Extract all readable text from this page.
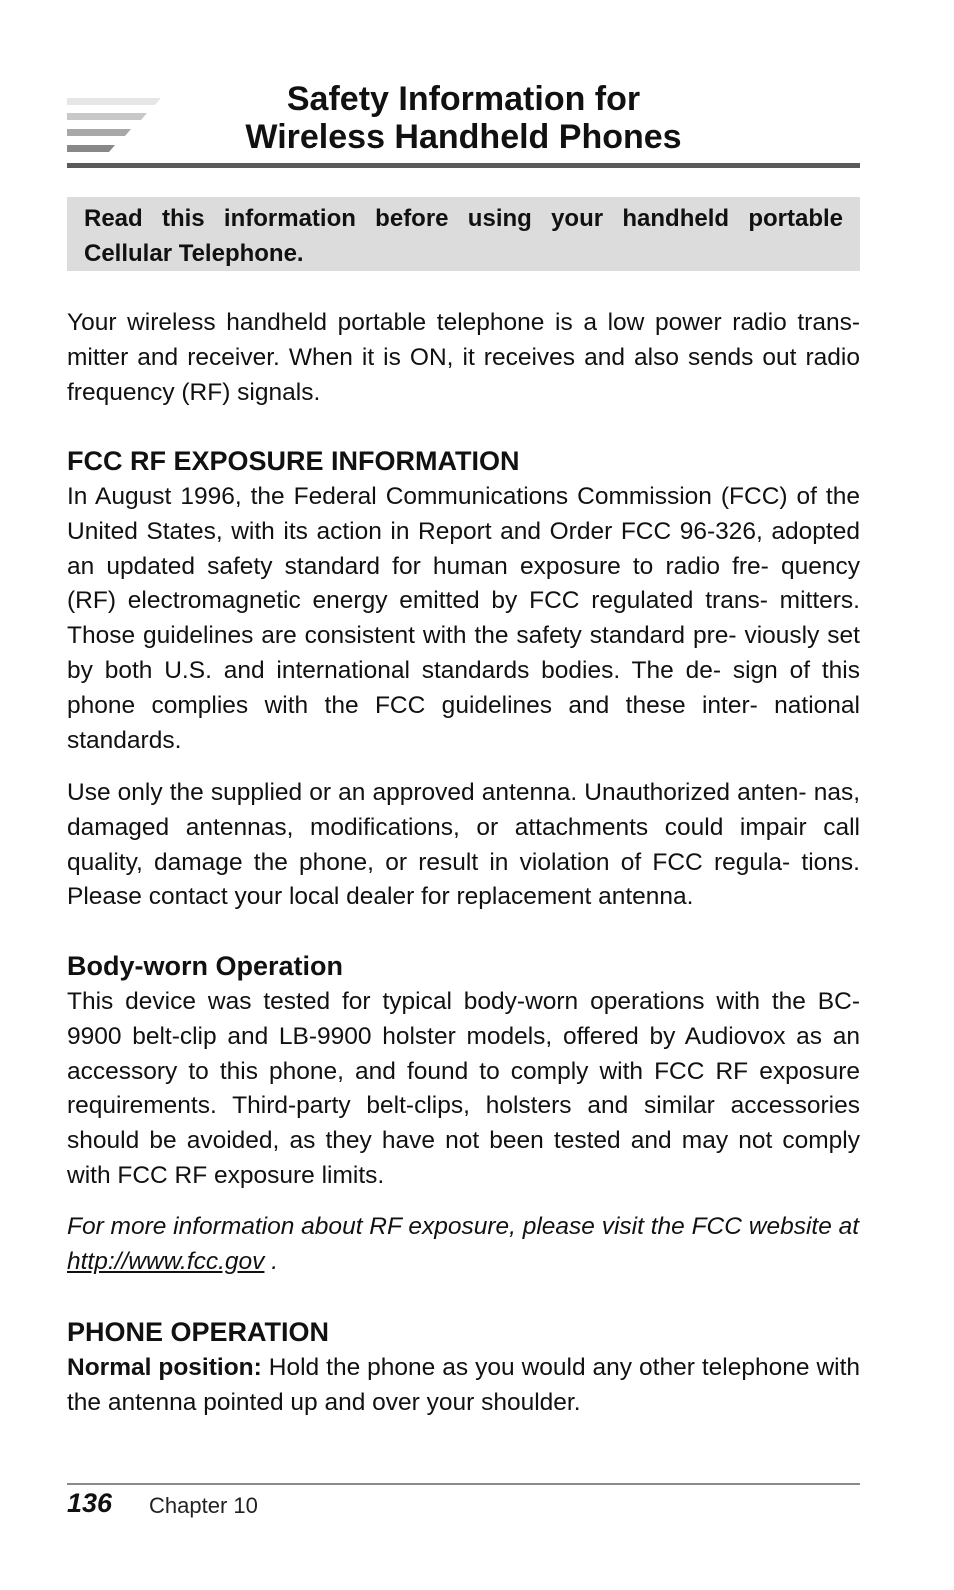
Safety Information for
Wireless Handheld Phones

Read this information before using your handheld portable Cellular Telephone.

Your wireless handheld portable telephone is a low power radio trans- mitter and receiver. When it is ON, it receives and also sends out radio frequency (RF) signals.

FCC RF EXPOSURE INFORMATION

In August 1996, the Federal Communications Commission (FCC) of the United States, with its action in Report and Order FCC 96-326, adopted an updated safety standard for human exposure to radio fre- quency (RF) electromagnetic energy emitted by FCC regulated trans- mitters. Those guidelines are consistent with the safety standard pre- viously set by both U.S. and international standards bodies. The de- sign of this phone complies with the FCC guidelines and these inter- national standards.

Use only the supplied or an approved antenna. Unauthorized anten- nas, damaged antennas, modifications, or attachments could impair call quality, damage the phone, or result in violation of FCC regula- tions. Please contact your local dealer for replacement antenna.

Body-worn Operation

This device was tested for typical body-worn operations with the BC- 9900 belt-clip and LB-9900 holster models, offered by Audiovox as an accessory to this phone, and found to comply with FCC RF exposure requirements. Third-party belt-clips, holsters and similar accessories should be avoided, as they have not been tested and may not comply with FCC RF exposure limits.

For more information about RF exposure, please visit the FCC website at http://www.fcc.gov .

PHONE OPERATION

Normal position: Hold the phone as you would any other telephone with the antenna pointed up and over your shoulder.

136 Chapter 10
